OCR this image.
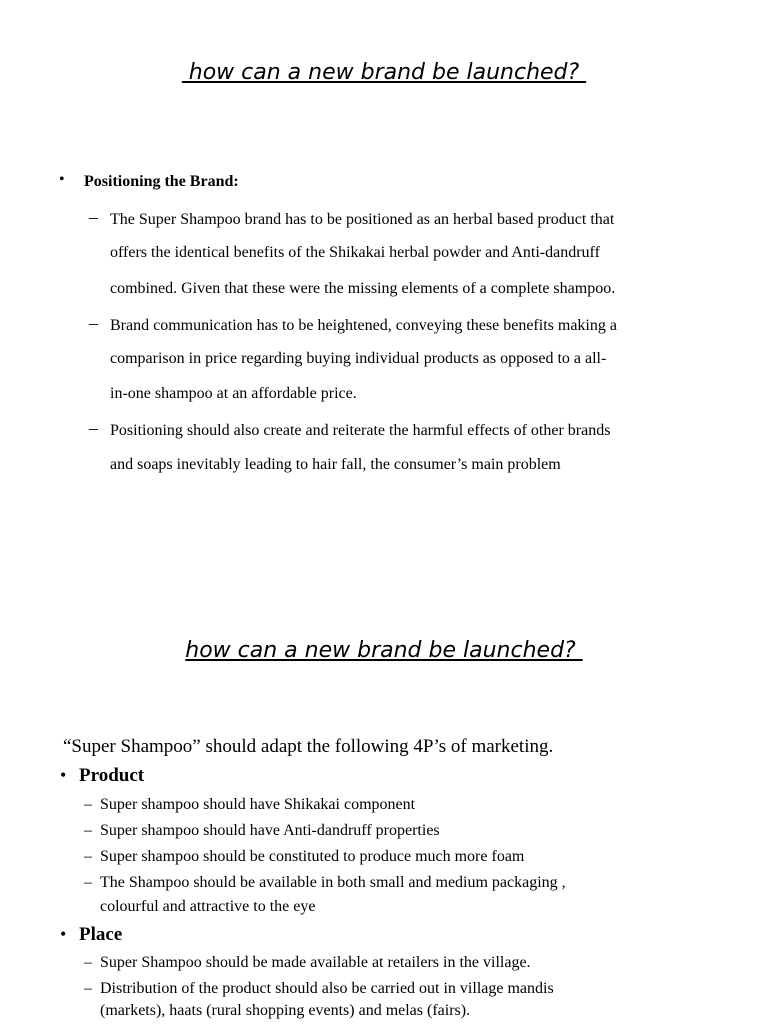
how can a new brand be launched?
• Positioning the Brand:
– The Super Shampoo brand has to be positioned as an herbal based product that
offers the identical benefits of the Shikakai herbal powder and Anti-dandruff
combined. Given that these were the missing elements of a complete shampoo.
– Brand communication has to be heightened, conveying these benefits making a
comparison in price regarding buying individual products as opposed to a all-
in-one shampoo at an affordable price.
– Positioning should also create and reiterate the harmful effects of other brands
and soaps inevitably leading to hair fall, the consumer’s main problem
how can a new brand be launched?
“Super Shampoo” should adapt the following 4P’s of marketing.
• Product
– Super shampoo should have Shikakai component
– Super shampoo should have Anti-dandruff properties
– Super shampoo should be constituted to produce much more foam
– The Shampoo should be available in both small and medium packaging ,
colourful and attractive to the eye
• Place
– Super Shampoo should be made available at retailers in the village.
– Distribution of the product should also be carried out in village mandis
(markets), haats (rural shopping events) and melas (fairs).
